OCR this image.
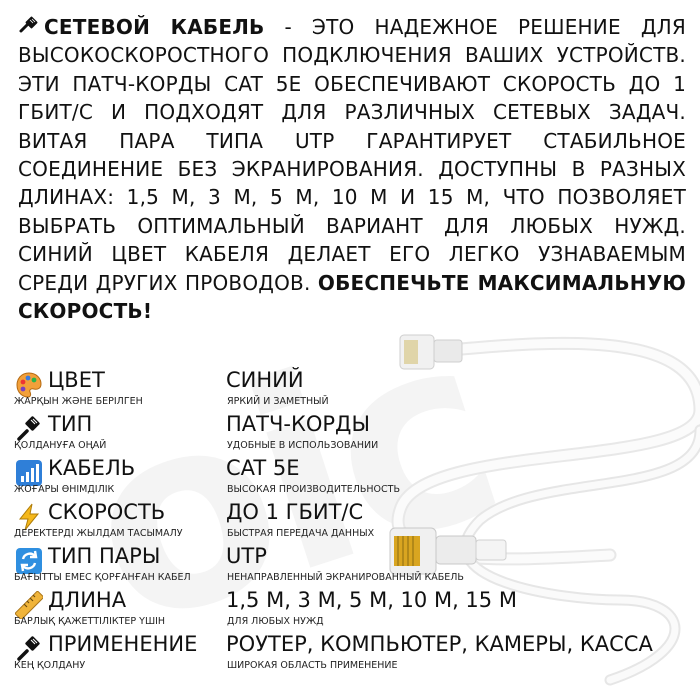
СЕТЕВОЙ КАБЕЛЬ - ЭТО НАДЕЖНОЕ РЕШЕНИЕ ДЛЯ ВЫСОКОСКОРОСТНОГО ПОДКЛЮЧЕНИЯ ВАШИХ УСТРОЙСТВ. ЭТИ ПАТЧ-КОРДЫ CAT 5E ОБЕСПЕЧИВАЮТ СКОРОСТЬ ДО 1 ГБИТ/С И ПОДХОДЯТ ДЛЯ РАЗЛИЧНЫХ СЕТЕВЫХ ЗАДАЧ. ВИТАЯ ПАРА ТИПА UTP ГАРАНТИРУЕТ СТАБИЛЬНОЕ СОЕДИНЕНИЕ БЕЗ ЭКРАНИРОВАНИЯ. ДОСТУПНЫ В РАЗНЫХ ДЛИНАХ: 1,5 М, 3 М, 5 М, 10 М И 15 М, ЧТО ПОЗВОЛЯЕТ ВЫБРАТЬ ОПТИМАЛЬНЫЙ ВАРИАНТ ДЛЯ ЛЮБЫХ НУЖД. СИНИЙ ЦВЕТ КАБЕЛЯ ДЕЛАЕТ ЕГО ЛЕГКО УЗНАВАЕМЫМ СРЕДИ ДРУГИХ ПРОВОДОВ. ОБЕСПЕЧЬТЕ МАКСИМАЛЬНУЮ СКОРОСТЬ!
ЦВЕТ
ЖАРҚЫН ЖӘНЕ БЕРІЛГЕН
СИНИЙ
ЯРКИЙ И ЗАМЕТНЫЙ
ТИП
ҚОЛДАНУҒА ОҢАЙ
ПАТЧ-КОРДЫ
УДОБНЫЕ В ИСПОЛЬЗОВАНИИ
КАБЕЛЬ
ЖОҒАРЫ ӨНІМДІЛІК
CAT 5E
ВЫСОКАЯ ПРОИЗВОДИТЕЛЬНОСТЬ
СКОРОСТЬ
ДЕРЕКТЕРДІ ЖЫЛДАМ ТАСЫМАЛУ
ДО 1 ГБИТ/С
БЫСТРАЯ ПЕРЕДАЧА ДАННЫХ
ТИП ПАРЫ
БАҒЫТТЫ ЕМЕС ҚОРҒАНҒАН КАБЕЛ
UTP
НЕНАПРАВЛЕННЫЙ ЭКРАНИРОВАННЫЙ КАБЕЛЬ
ДЛИНА
БАРЛЫҚ ҚАЖЕТТІЛІКТЕР ҮШІН
1,5 М, 3 М, 5 М, 10 М, 15 М
ДЛЯ ЛЮБЫХ НУЖД
ПРИМЕНЕНИЕ
КЕҢ ҚОЛДАНУ
РОУТЕР, КОМПЬЮТЕР, КАМЕРЫ, КАССА
ШИРОКАЯ ОБЛАСТЬ ПРИМЕНЕНИЕ
